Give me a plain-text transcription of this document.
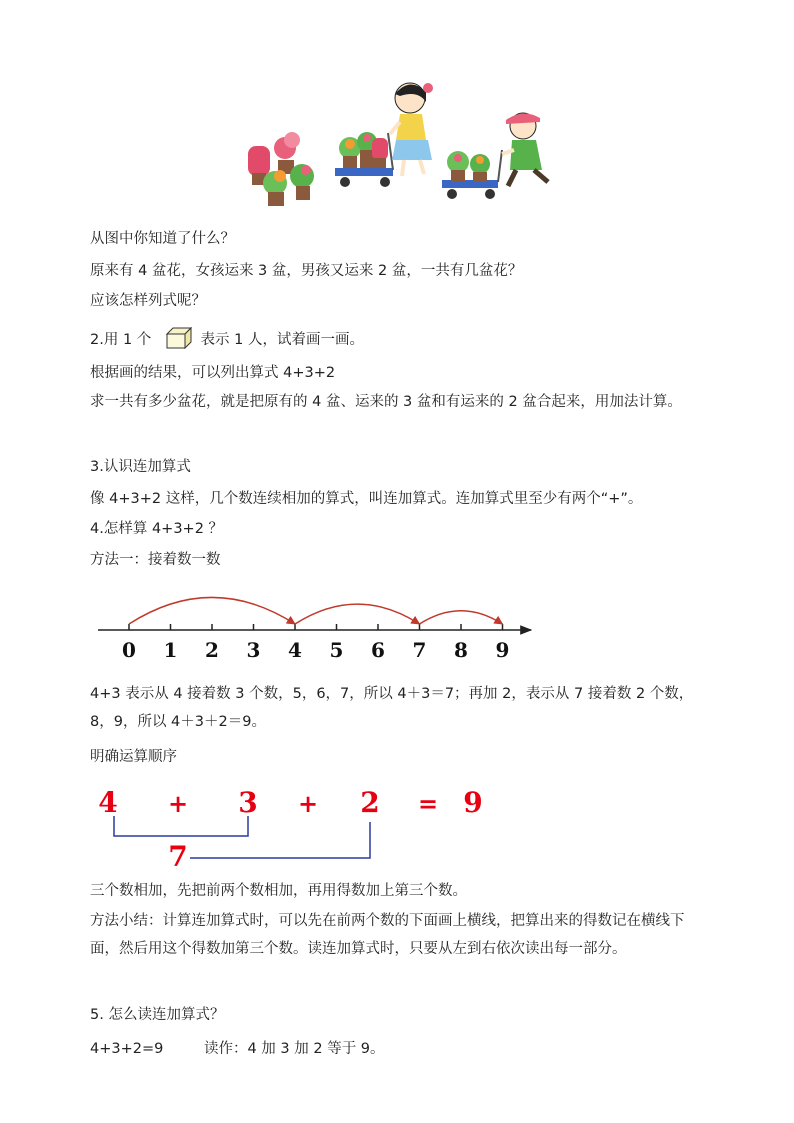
从图中你知道了什么？
原来有 4 盆花，女孩运来 3 盆，男孩又运来 2 盆，一共有几盆花？
应该怎样列式呢？
2.用 1 个	表示 1 人，试着画一画。
根据画的结果，可以列出算式 4+3+2
求一共有多少盆花，就是把原有的 4 盆、运来的 3 盆和有运来的 2 盆合起来，用加法计算。
3.认识连加算式
像 4+3+2 这样，几个数连续相加的算式，叫连加算式。连加算式里至少有两个“+”。
4.怎样算 4+3+2 ？
方法一：接着数一数
0 1 2 3 4 5 6 7 8 9
4+3 表示从 4 接着数 3 个数，5，6，7，所以 4＋3＝7；再加 2，表示从 7 接着数 2 个数，8，9，所以 4＋3＋2＝9。
明确运算顺序
4 + 3 + 2 = 9
7
三个数相加，先把前两个数相加，再用得数加上第三个数。
方法小结：计算连加算式时，可以先在前两个数的下面画上横线，把算出来的得数记在横线下面，然后用这个得数加第三个数。读连加算式时，只要从左到右依次读出每一部分。
5. 怎么读连加算式？
4+3+2=9	读作：4 加 3 加 2 等于 9。
